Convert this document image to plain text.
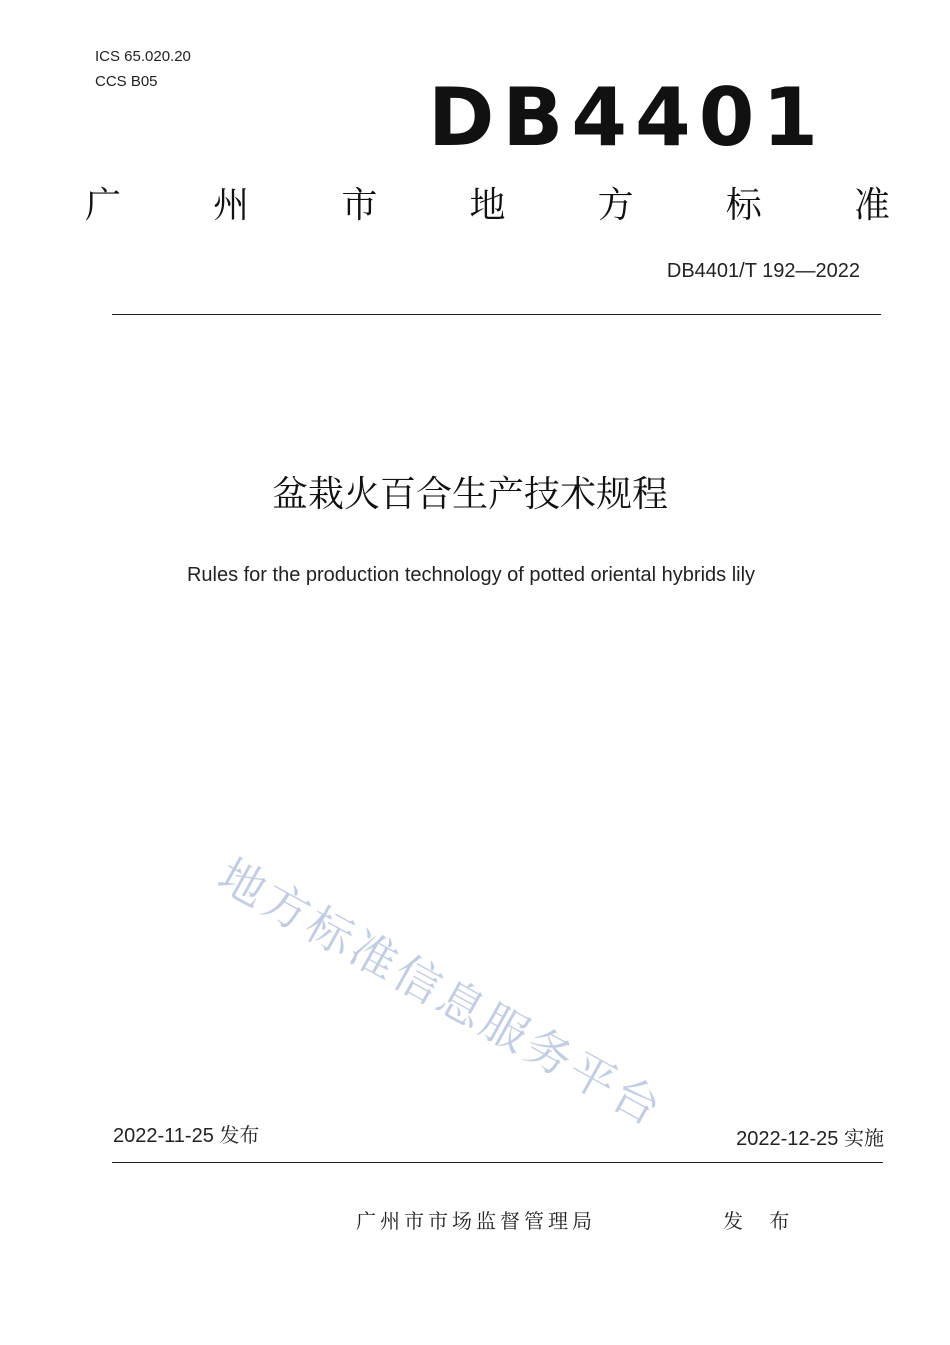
ICS 65.020.20
CCS B05	DB4401
广	州	市	地	方	标	准
DB4401/T 192—2022
盆栽火百合生产技术规程
Rules for the production technology of potted oriental hybrids lily
地方标准信息服务平台
2022-11-25 发布	2022-12-25 实施
广州市市场监督管理局	发 布
